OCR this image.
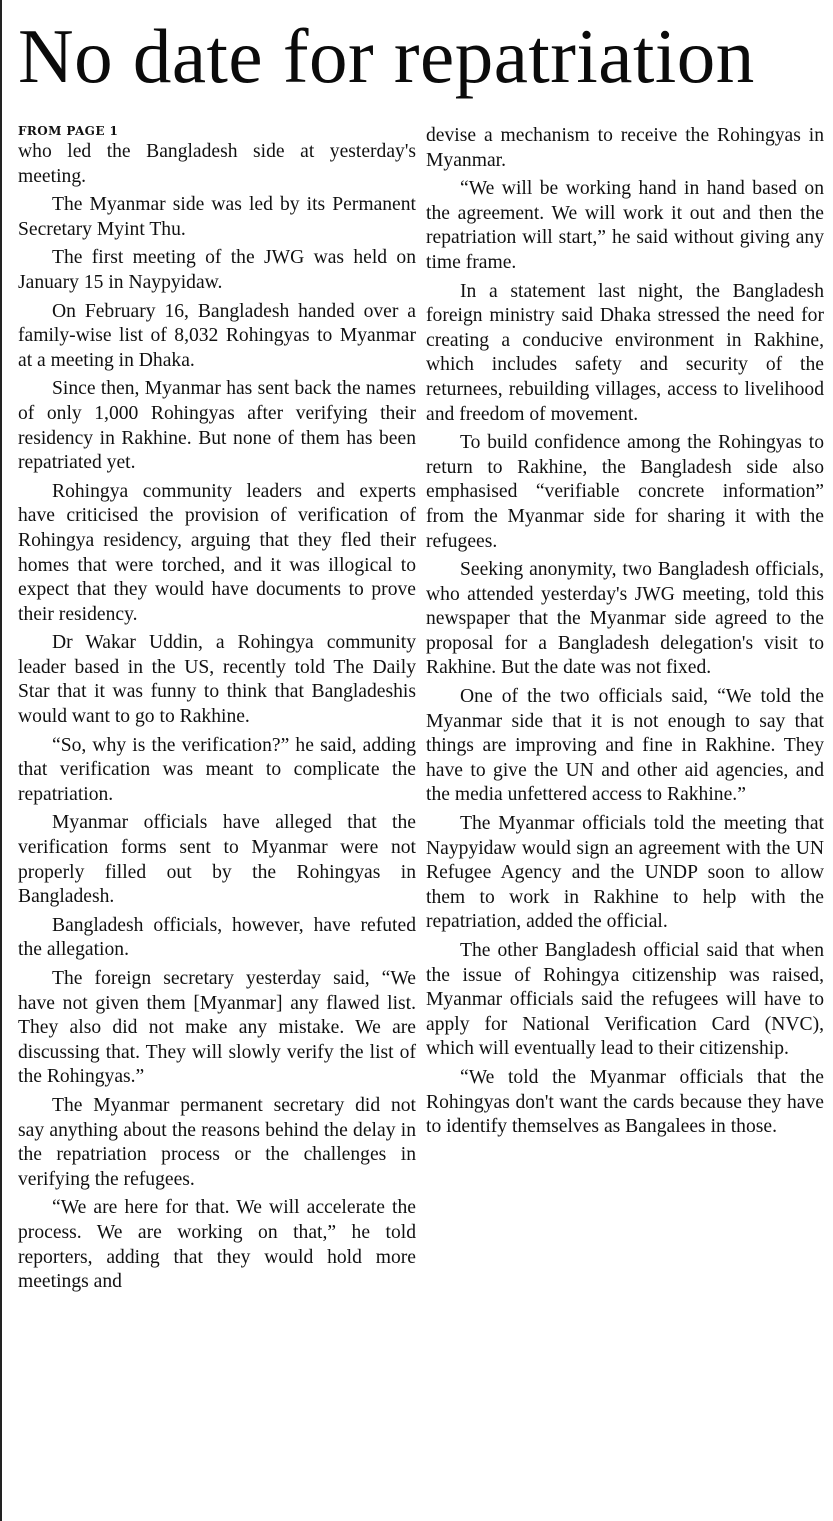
No date for repatriation
FROM PAGE 1

who led the Bangladesh side at yesterday's meeting.

The Myanmar side was led by its Permanent Secretary Myint Thu.

The first meeting of the JWG was held on January 15 in Naypyidaw.

On February 16, Bangladesh handed over a family-wise list of 8,032 Rohingyas to Myanmar at a meeting in Dhaka.

Since then, Myanmar has sent back the names of only 1,000 Rohingyas after verifying their residency in Rakhine. But none of them has been repatriated yet.

Rohingya community leaders and experts have criticised the provision of verification of Rohingya residency, arguing that they fled their homes that were torched, and it was illogical to expect that they would have documents to prove their residency.

Dr Wakar Uddin, a Rohingya community leader based in the US, recently told The Daily Star that it was funny to think that Bangladeshis would want to go to Rakhine.

“So, why is the verification?” he said, adding that verification was meant to complicate the repatriation.

Myanmar officials have alleged that the verification forms sent to Myanmar were not properly filled out by the Rohingyas in Bangladesh.

Bangladesh officials, however, have refuted the allegation.

The foreign secretary yesterday said, “We have not given them [Myanmar] any flawed list. They also did not make any mistake. We are discussing that. They will slowly verify the list of the Rohingyas.”

The Myanmar permanent secretary did not say anything about the reasons behind the delay in the repatriation process or the challenges in verifying the refugees.

“We are here for that. We will accelerate the process. We are working on that,” he told reporters, adding that they would hold more meetings and

devise a mechanism to receive the Rohingyas in Myanmar.

“We will be working hand in hand based on the agreement. We will work it out and then the repatriation will start,” he said without giving any time frame.

In a statement last night, the Bangladesh foreign ministry said Dhaka stressed the need for creating a conducive environment in Rakhine, which includes safety and security of the returnees, rebuilding villages, access to livelihood and freedom of movement.

To build confidence among the Rohingyas to return to Rakhine, the Bangladesh side also emphasised “verifiable concrete information” from the Myanmar side for sharing it with the refugees.

Seeking anonymity, two Bangladesh officials, who attended yesterday's JWG meeting, told this newspaper that the Myanmar side agreed to the proposal for a Bangladesh delegation's visit to Rakhine. But the date was not fixed.

One of the two officials said, “We told the Myanmar side that it is not enough to say that things are improving and fine in Rakhine. They have to give the UN and other aid agencies, and the media unfettered access to Rakhine.”

The Myanmar officials told the meeting that Naypyidaw would sign an agreement with the UN Refugee Agency and the UNDP soon to allow them to work in Rakhine to help with the repatriation, added the official.

The other Bangladesh official said that when the issue of Rohingya citizenship was raised, Myanmar officials said the refugees will have to apply for National Verification Card (NVC), which will eventually lead to their citizenship.

“We told the Myanmar officials that the Rohingyas don't want the cards because they have to identify themselves as Bangalees in those.
